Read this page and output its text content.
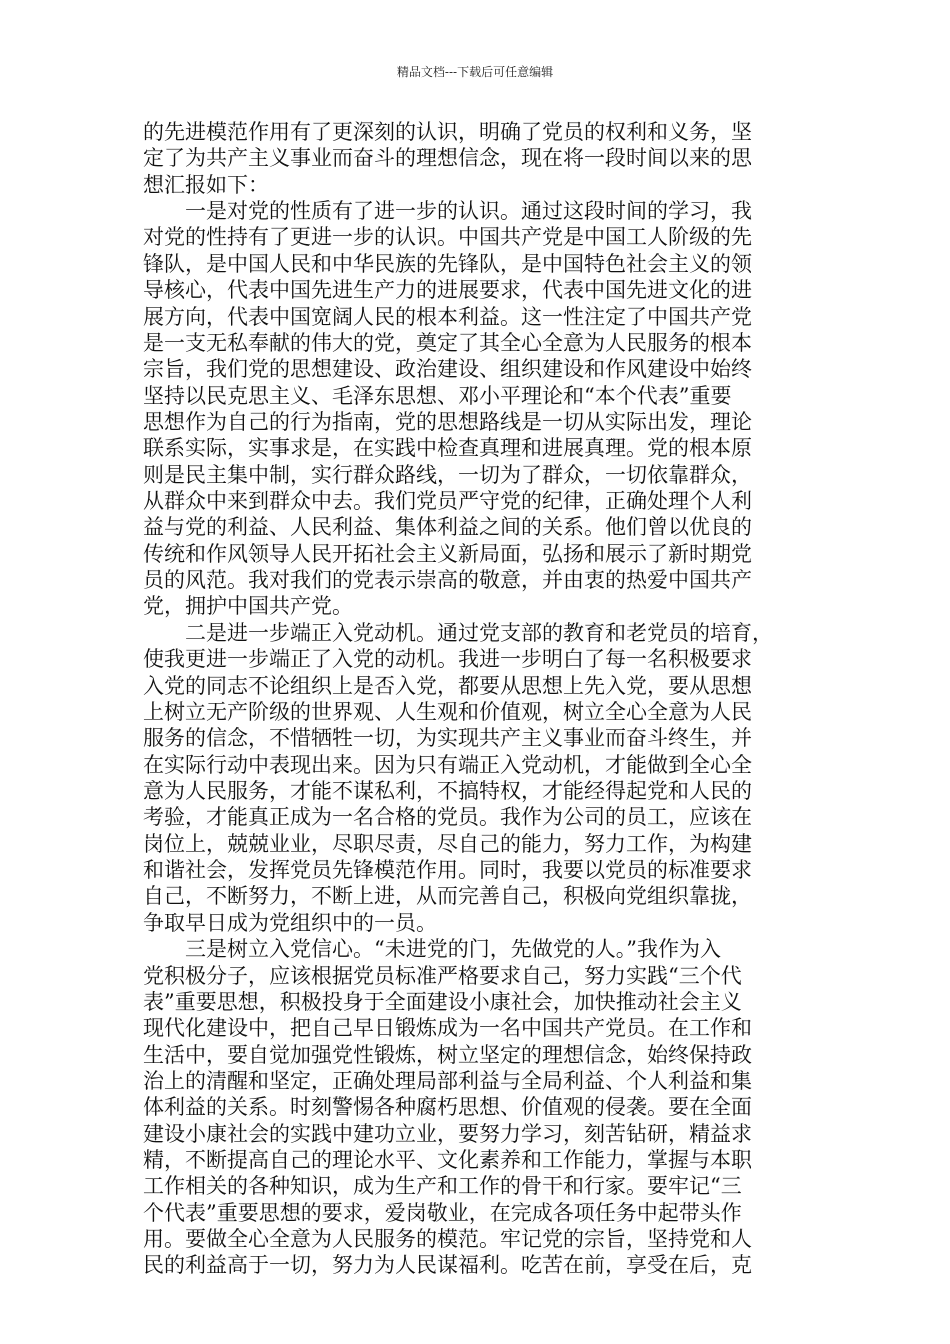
精品文档---下载后可任意编辑
的先进模范作用有了更深刻的认识，明确了党员的权利和义务，坚
定了为共产主义事业而奋斗的理想信念，现在将一段时间以来的思
想汇报如下：
　　一是对党的性质有了进一步的认识。通过这段时间的学习，我
对党的性持有了更进一步的认识。中国共产党是中国工人阶级的先
锋队，是中国人民和中华民族的先锋队，是中国特色社会主义的领
导核心，代表中国先进生产力的进展要求，代表中国先进文化的进
展方向，代表中国宽阔人民的根本利益。这一性注定了中国共产党
是一支无私奉献的伟大的党，奠定了其全心全意为人民服务的根本
宗旨，我们党的思想建设、政治建设、组织建设和作风建设中始终
坚持以民克思主义、毛泽东思想、邓小平理论和“本个代表”重要
思想作为自己的行为指南，党的思想路线是一切从实际出发，理论
联系实际，实事求是，在实践中检查真理和进展真理。党的根本原
则是民主集中制，实行群众路线，一切为了群众，一切依靠群众，
从群众中来到群众中去。我们党员严守党的纪律，正确处理个人利
益与党的利益、人民利益、集体利益之间的关系。他们曾以优良的
传统和作风领导人民开拓社会主义新局面，弘扬和展示了新时期党
员的风范。我对我们的党表示崇高的敬意，并由衷的热爱中国共产
党，拥护中国共产党。
　　二是进一步端正入党动机。通过党支部的教育和老党员的培育，
使我更进一步端正了入党的动机。我进一步明白了每一名积极要求
入党的同志不论组织上是否入党，都要从思想上先入党，要从思想
上树立无产阶级的世界观、人生观和价值观，树立全心全意为人民
服务的信念，不惜牺牲一切，为实现共产主义事业而奋斗终生，并
在实际行动中表现出来。因为只有端正入党动机，才能做到全心全
意为人民服务，才能不谋私利，不搞特权，才能经得起党和人民的
考验，才能真正成为一名合格的党员。我作为公司的员工，应该在
岗位上，兢兢业业，尽职尽责，尽自己的能力，努力工作，为构建
和谐社会，发挥党员先锋模范作用。同时，我要以党员的标准要求
自己，不断努力，不断上进，从而完善自己，积极向党组织靠拢，
争取早日成为党组织中的一员。
　　三是树立入党信心。“未进党的门，先做党的人。”我作为入
党积极分子，应该根据党员标准严格要求自己，努力实践“三个代
表”重要思想，积极投身于全面建设小康社会，加快推动社会主义
现代化建设中，把自己早日锻炼成为一名中国共产党员。在工作和
生活中，要自觉加强党性锻炼，树立坚定的理想信念，始终保持政
治上的清醒和坚定，正确处理局部利益与全局利益、个人利益和集
体利益的关系。时刻警惕各种腐朽思想、价值观的侵袭。要在全面
建设小康社会的实践中建功立业，要努力学习，刻苦钻研，精益求
精，不断提高自己的理论水平、文化素养和工作能力，掌握与本职
工作相关的各种知识，成为生产和工作的骨干和行家。要牢记“三
个代表”重要思想的要求，爱岗敬业，在完成各项任务中起带头作
用。要做全心全意为人民服务的模范。牢记党的宗旨，坚持党和人
民的利益高于一切，努力为人民谋福利。吃苦在前，享受在后，克
